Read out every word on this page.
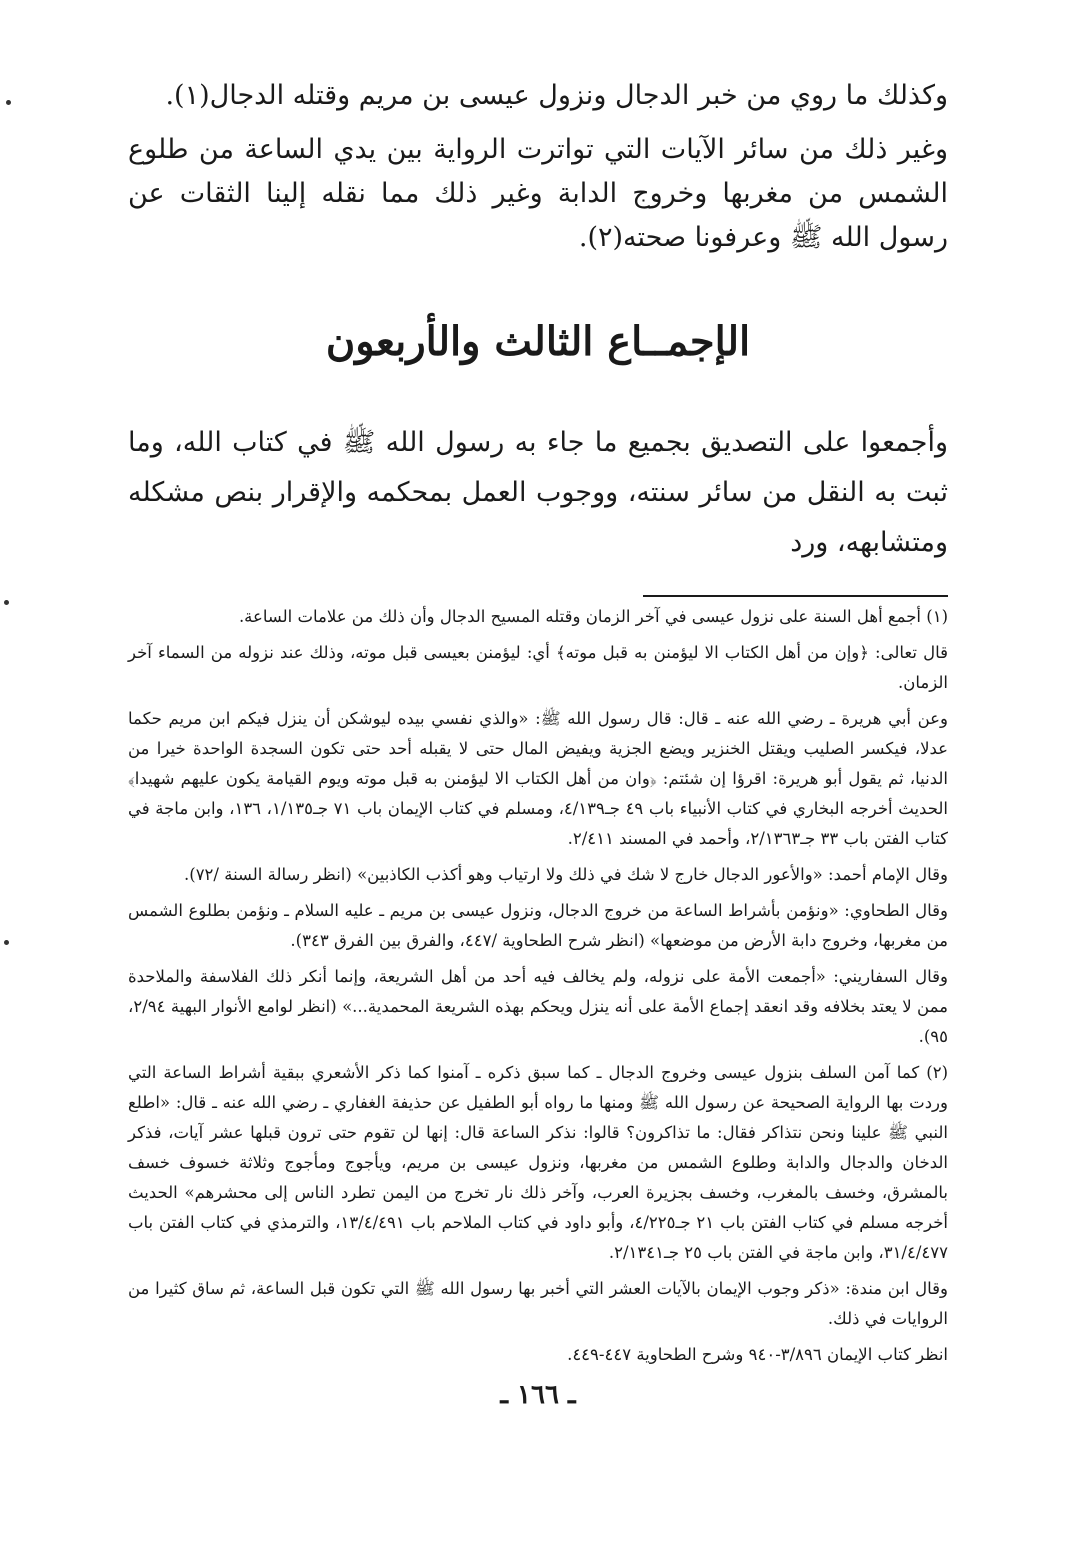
وكذلك ما روي من خبر الدجال ونزول عيسى بن مريم وقتله الدجال(١).

وغير ذلك من سائر الآيات التي تواترت الرواية بين يدي الساعة من طلوع الشمس من مغربها وخروج الدابة وغير ذلك مما نقله إلينا الثقات عن رسول الله ﷺ وعرفونا صحته(٢).

الإجمــاع الثالث والأربعون

وأجمعوا على التصديق بجميع ما جاء به رسول الله ﷺ في كتاب الله، وما ثبت به النقل من سائر سنته، ووجوب العمل بمحكمه والإقرار بنص مشكله ومتشابهه، ورد

(١) أجمع أهل السنة على نزول عيسى في آخر الزمان وقتله المسيح الدجال وأن ذلك من علامات الساعة.

قال تعالى: ﴿وإن من أهل الكتاب الا ليؤمنن به قبل موته﴾ أي: ليؤمنن بعيسى قبل موته، وذلك عند نزوله من السماء آخر الزمان.

وعن أبي هريرة ـ رضي الله عنه ـ قال: قال رسول الله ﷺ: «والذي نفسي بيده ليوشكن أن ينزل فيكم ابن مريم حكما عدلا، فيكسر الصليب ويقتل الخنزير ويضع الجزية ويفيض المال حتى لا يقبله أحد حتى تكون السجدة الواحدة خيرا من الدنيا، ثم يقول أبو هريرة: اقرؤا إن شئتم: ﴿وان من أهل الكتاب الا ليؤمنن به قبل موته ويوم القيامة يكون عليهم شهيدا﴾ الحديث أخرجه البخاري في كتاب الأنبياء باب ٤٩ جـ٤/١٣٩، ومسلم في كتاب الإيمان باب ٧١ جـ١/١٣٥، ١٣٦، وابن ماجة في كتاب الفتن باب ٣٣ جـ٢/١٣٦٣، وأحمد في المسند ٢/٤١١.

وقال الإمام أحمد: «والأعور الدجال خارج لا شك في ذلك ولا ارتياب وهو أكذب الكاذبين» (انظر رسالة السنة /٧٢).

وقال الطحاوي: «ونؤمن بأشراط الساعة من خروج الدجال، ونزول عيسى بن مريم ـ عليه السلام ـ ونؤمن بطلوع الشمس من مغربها، وخروج دابة الأرض من موضعها» (انظر شرح الطحاوية /٤٤٧، والفرق بين الفرق ٣٤٣).

وقال السفاريني: «أجمعت الأمة على نزوله، ولم يخالف فيه أحد من أهل الشريعة، وإنما أنكر ذلك الفلاسفة والملاحدة ممن لا يعتد بخلافه وقد انعقد إجماع الأمة على أنه ينزل ويحكم بهذه الشريعة المحمدية...» (انظر لوامع الأنوار البهية ٢/٩٤، ٩٥).

(٢) كما آمن السلف بنزول عيسى وخروج الدجال ـ كما سبق ذكره ـ آمنوا كما ذكر الأشعري ببقية أشراط الساعة التي وردت بها الرواية الصحيحة عن رسول الله ﷺ ومنها ما رواه أبو الطفيل عن حذيفة الغفاري ـ رضي الله عنه ـ قال: «اطلع النبي ﷺ علينا ونحن نتذاكر فقال: ما تذاكرون؟ قالوا: نذكر الساعة قال: إنها لن تقوم حتى ترون قبلها عشر آيات، فذكر الدخان والدجال والدابة وطلوع الشمس من مغربها، ونزول عيسى بن مريم، ويأجوج ومأجوج وثلاثة خسوف خسف بالمشرق، وخسف بالمغرب، وخسف بجزيرة العرب، وآخر ذلك نار تخرج من اليمن تطرد الناس إلى محشرهم» الحديث أخرجه مسلم في كتاب الفتن باب ٢١ جـ٤/٢٢٥، وأبو داود في كتاب الملاحم باب ١٣/٤/٤٩١، والترمذي في كتاب الفتن باب ٣١/٤/٤٧٧، وابن ماجة في الفتن باب ٢٥ جـ٢/١٣٤١.

وقال ابن مندة: «ذكر وجوب الإيمان بالآيات العشر التي أخبر بها رسول الله ﷺ التي تكون قبل الساعة، ثم ساق كثيرا من الروايات في ذلك.

انظر كتاب الإيمان ٣/٨٩٦-٩٤٠ وشرح الطحاوية ٤٤٧-٤٤٩.

ـ ١٦٦ ـ
